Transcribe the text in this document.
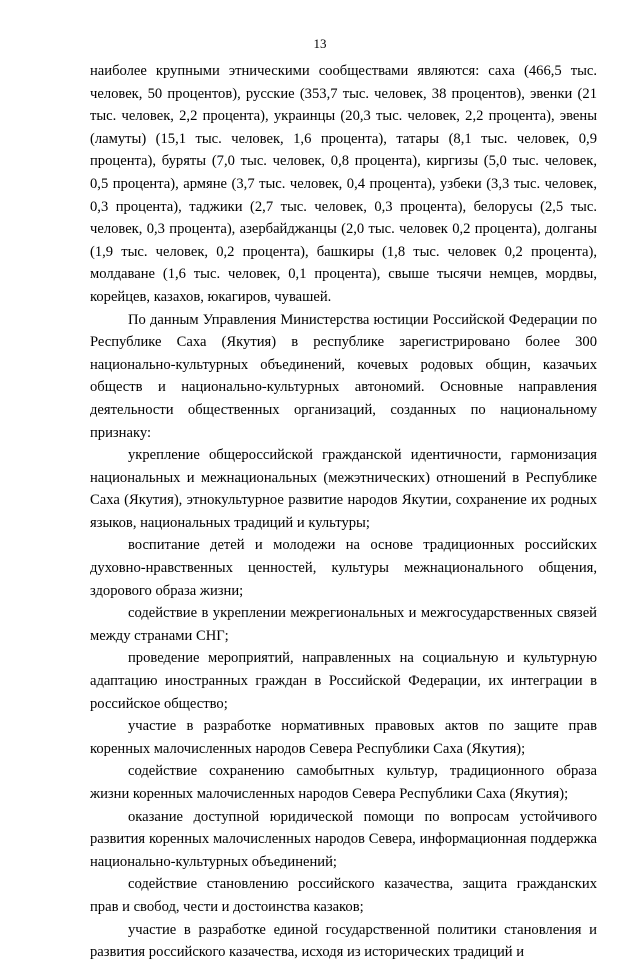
13

наиболее крупными этническими сообществами являются: саха (466,5 тыс. человек, 50 процентов), русские (353,7 тыс. человек, 38 процентов), эвенки (21 тыс. человек, 2,2 процента), украинцы (20,3 тыс. человек, 2,2 процента), эвены (ламуты) (15,1 тыс. человек, 1,6 процента), татары (8,1 тыс. человек, 0,9 процента), буряты (7,0 тыс. человек, 0,8 процента), киргизы (5,0 тыс. человек, 0,5 процента), армяне (3,7 тыс. человек, 0,4 процента), узбеки (3,3 тыс. человек, 0,3 процента), таджики (2,7 тыс. человек, 0,3 процента), белорусы (2,5 тыс. человек, 0,3 процента), азербайджанцы (2,0 тыс. человек 0,2 процента), долганы (1,9 тыс. человек, 0,2 процента), башкиры (1,8 тыс. человек 0,2 процента), молдаване (1,6 тыс. человек, 0,1 процента), свыше тысячи немцев, мордвы, корейцев, казахов, юкагиров, чувашей.

По данным Управления Министерства юстиции Российской Федерации по Республике Саха (Якутия) в республике зарегистрировано более 300 национально-культурных объединений, кочевых родовых общин, казачьих обществ и национально-культурных автономий. Основные направления деятельности общественных организаций, созданных по национальному признаку:

укрепление общероссийской гражданской идентичности, гармонизация национальных и межнациональных (межэтнических) отношений в Республике Саха (Якутия), этнокультурное развитие народов Якутии, сохранение их родных языков, национальных традиций и культуры;

воспитание детей и молодежи на основе традиционных российских духовно-нравственных ценностей, культуры межнационального общения, здорового образа жизни;

содействие в укреплении межрегиональных и межгосударственных связей между странами СНГ;

проведение мероприятий, направленных на социальную и культурную адаптацию иностранных граждан в Российской Федерации, их интеграции в российское общество;

участие в разработке нормативных правовых актов по защите прав коренных малочисленных народов Севера Республики Саха (Якутия);

содействие сохранению самобытных культур, традиционного образа жизни коренных малочисленных народов Севера Республики Саха (Якутия);

оказание доступной юридической помощи по вопросам устойчивого развития коренных малочисленных народов Севера, информационная поддержка национально-культурных объединений;

содействие становлению российского казачества, защита гражданских прав и свобод, чести и достоинства казаков;

участие в разработке единой государственной политики становления и развития российского казачества, исходя из исторических традиций и
